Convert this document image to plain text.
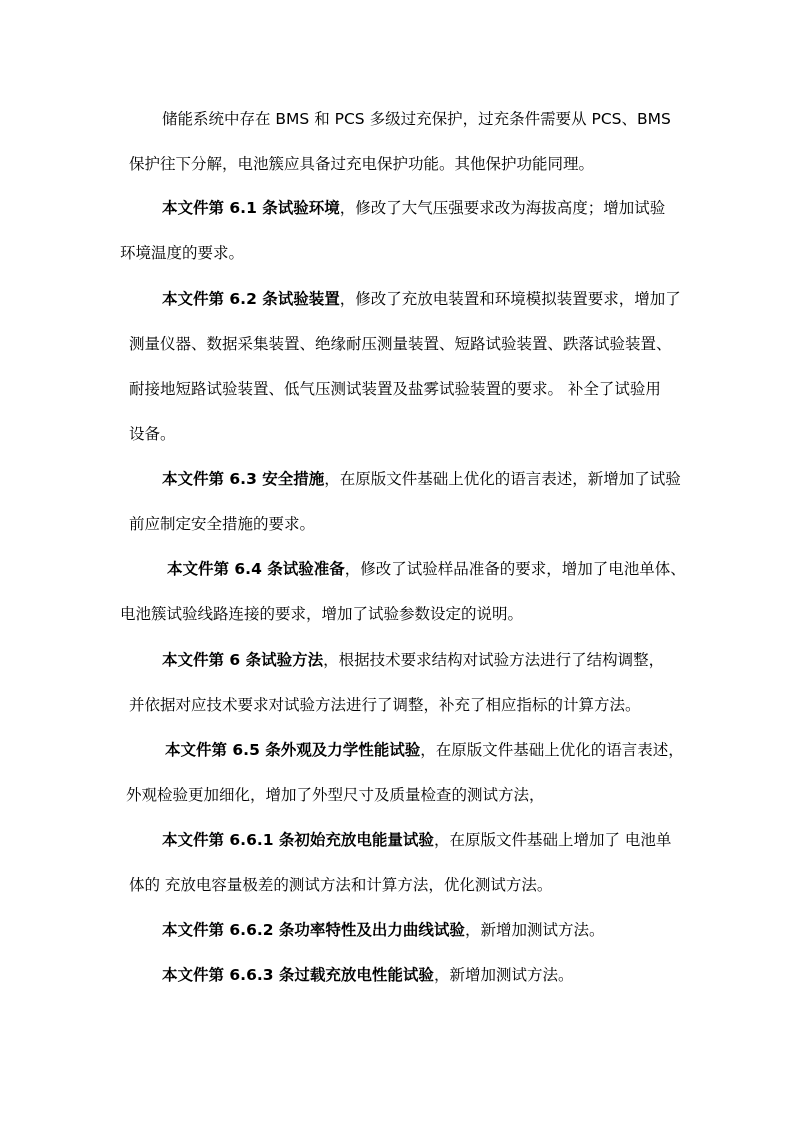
储能系统中存在 BMS 和 PCS 多级过充保护，过充条件需要从 PCS、BMS
保护往下分解，电池簇应具备过充电保护功能。其他保护功能同理。
本文件第 6.1 条试验环境，修改了大气压强要求改为海拔高度；增加试验
环境温度的要求。
本文件第 6.2 条试验装置，修改了充放电装置和环境模拟装置要求，增加了
测量仪器、数据采集装置、绝缘耐压测量装置、短路试验装置、跌落试验装置、
耐接地短路试验装置、低气压测试装置及盐雾试验装置的要求。 补全了试验用
设备。
本文件第 6.3 安全措施，在原版文件基础上优化的语言表述，新增加了试验
前应制定安全措施的要求。
本文件第 6.4 条试验准备，修改了试验样品准备的要求，增加了电池单体、
电池簇试验线路连接的要求，增加了试验参数设定的说明。
本文件第 6 条试验方法，根据技术要求结构对试验方法进行了结构调整，
并依据对应技术要求对试验方法进行了调整，补充了相应指标的计算方法。
本文件第 6.5 条外观及力学性能试验，在原版文件基础上优化的语言表述，
外观检验更加细化，增加了外型尺寸及质量检查的测试方法，
本文件第 6.6.1 条初始充放电能量试验，在原版文件基础上增加了 电池单
体的 充放电容量极差的测试方法和计算方法，优化测试方法。
本文件第 6.6.2 条功率特性及出力曲线试验，新增加测试方法。
本文件第 6.6.3 条过载充放电性能试验，新增加测试方法。
